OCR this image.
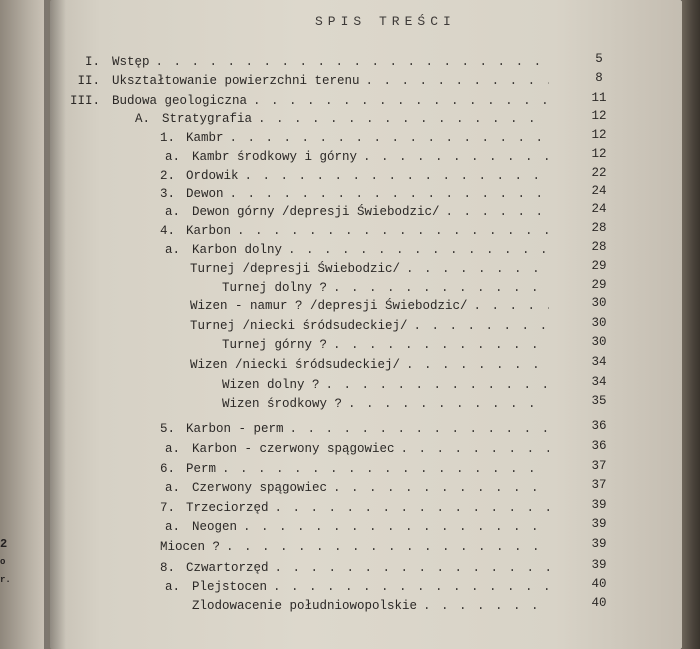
2
o
r.
SPIS TREŚCI
I. Wstęp . . .	5
II. Ukształtowanie powierzchni terenu . . .	8
III. Budowa geologiczna . . .	11
A. Stratygrafia . . .	12
1. Kambr . . .	12
a. Kambr środkowy i górny . . .	12
2. Ordowik . . .	22
3. Dewon . . .	24
a. Dewon górny /depresji Świebodzic/ . . .	24
4. Karbon . . .	28
a. Karbon dolny . . .	28
Turnej /depresji Świebodzic/ . . .	29
Turnej dolny ? . . .	29
Wizen - namur ? /depresji Świebodzic/ . . .	30
Turnej /niecki śródsudeckiej/ . . .	30
Turnej górny ? . . .	30
Wizen /niecki śródsudeckiej/ . . .	34
Wizen dolny ? . . .	34
Wizen środkowy ? . . .	35
5. Karbon - perm . . .	36
a. Karbon - czerwony spągowiec . . .	36
6. Perm . . .	37
a. Czerwony spągowiec . . .	37
7. Trzeciorzęd . . .	39
a. Neogen . . .	39
Miocen ? . . .	39
8. Czwartorzęd . . .	39
a. Plejstocen . . .	40
Zlodowacenie południowopolskie . . .	40
